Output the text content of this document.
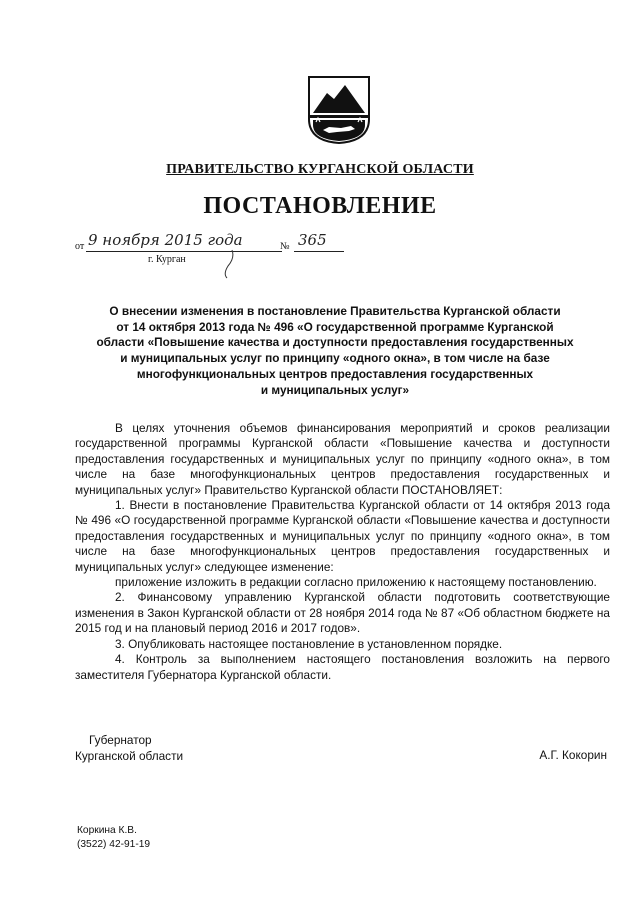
ПРАВИТЕЛЬСТВО КУРГАНСКОЙ ОБЛАСТИ
ПОСТАНОВЛЕНИЕ
от 9 ноября 2015 года	№ 365
г. Курган
О внесении изменения в постановление Правительства Курганской области
от 14 октября 2013 года № 496 «О государственной программе Курганской
области «Повышение качества и доступности предоставления государственных
и муниципальных услуг по принципу «одного окна», в том числе на базе
многофункциональных центров предоставления государственных
и муниципальных услуг»

В целях уточнения объемов финансирования мероприятий и сроков реализации государственной программы Курганской области «Повышение качества и доступности предоставления государственных и муниципальных услуг по принципу «одного окна», в том числе на базе многофункциональных центров предоставления государственных и муниципальных услуг» Правительство Курганской области ПОСТАНОВЛЯЕТ:

1. Внести в постановление Правительства Курганской области от 14 октября 2013 года № 496 «О государственной программе Курганской области «Повышение качества и доступности предоставления государственных и муниципальных услуг по принципу «одного окна», в том числе на базе многофункциональных центров предоставления государственных и муниципальных услуг» следующее изменение:

приложение изложить в редакции согласно приложению к настоящему постановлению.

2. Финансовому управлению Курганской области подготовить соответствующие изменения в Закон Курганской области от 28 ноября 2014 года № 87 «Об областном бюджете на 2015 год и на плановый период 2016 и 2017 годов».

3. Опубликовать настоящее постановление в установленном порядке.

4. Контроль за выполнением настоящего постановления возложить на первого заместителя Губернатора Курганской области.

Губернатор
Курганской области	А.Г. Кокорин
Коркина К.В.
(3522) 42-91-19
